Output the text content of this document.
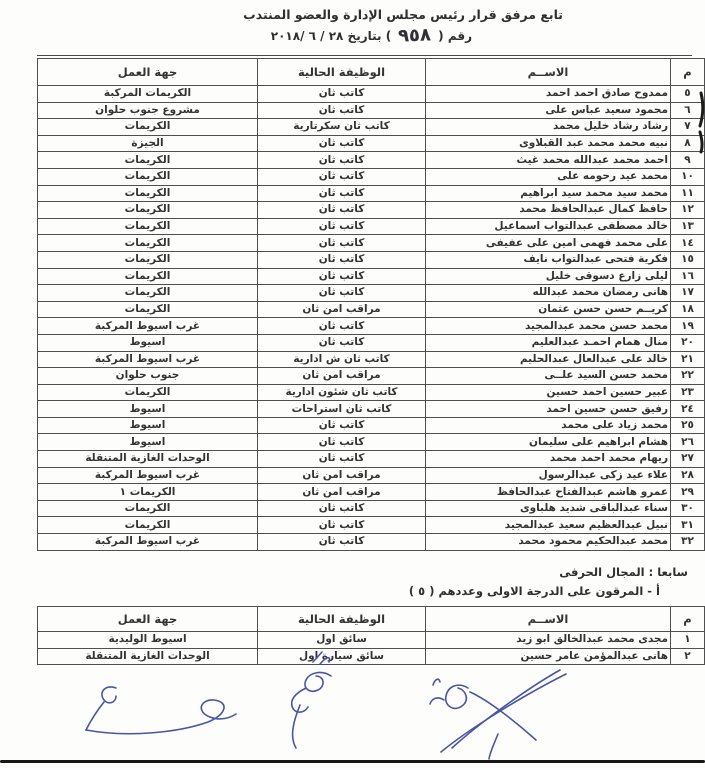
تابع مرفق قرار رئيس مجلس الإدارة والعضو المنتدب
رقم (
٩٥٨
) بتاريخ ٢٨ / ٦ /٢٠١٨
م	الاســم	الوظيفة الحالية	جهة العمل
٥	ممدوح صادق احمد احمد	كاتب ثان	الكريمات المركبة
٦	محمود سعيد عباس على	كاتب ثان	مشروع جنوب حلوان
٧	رشاد رشاد خليل محمد	كاتب ثان سكرتارية	الكريمات
٨	نبيه محمد محمد عبد القبلاوى	كاتب ثان	الجيزة
٩	احمد محمد عبدالله محمد غيث	كاتب ثان	الكريمات
١٠	محمد عيد رحومه على	كاتب ثان	الكريمات
١١	محمد سيد محمد سيد ابراهيم	كاتب ثان	الكريمات
١٢	حافظ كمال عبدالحافظ محمد	كاتب ثان	الكريمات
١٣	خالد مصطفى عبدالتواب اسماعيل	كاتب ثان	الكريمات
١٤	على محمد فهمى امين على عفيفى	كاتب ثان	الكريمات
١٥	فكرية فتحى عبدالتواب نايف	كاتب ثان	الكريمات
١٦	ليلى زارع دسوقى خليل	كاتب ثان	الكريمات
١٧	هانى رمضان محمد عبدالله	كاتب ثان	الكريمات
١٨	كريــم حسن حسن عثمان	مراقب امن ثان	الكريمات
١٩	محمد حسن محمد عبدالمجيد	كاتب ثان	غرب اسيوط المركبة
٢٠	منال همام احمـد عبدالعليم	كاتب ثان	اسيوط
٢١	خالد على عبدالعال عبدالحليم	كاتب ثان ش ادارية	غرب اسيوط المركبة
٢٢	محمد حسن السيد علــى	مراقب امن ثان	جنوب حلوان
٢٣	عبير حسين احمد حسين	كاتب ثان شئون ادارية	الكريمات
٢٤	رفيق حسن حسين احمد	كاتب ثان استراحات	اسيوط
٢٥	محمد زياد على محمد	كاتب ثان	اسيوط
٢٦	هشام ابراهيم على سليمان	كاتب ثان	اسيوط
٢٧	ريهام محمد احمد محمد	كاتب ثان	الوحدات الغازية المتنقلة
٢٨	علاء عيد زكى عبدالرسول	مراقب امن ثان	غرب اسيوط المركبة
٢٩	عمرو هاشم عبدالفتاح عبدالحافظ	مراقب امن ثان	الكريمات ١
٣٠	سناء عبدالباقى شديد هلباوى	كاتب ثان	الكريمات
٣١	نبيل عبدالعظيم سعيد عبدالمجيد	كاتب ثان	الكريمات
٣٢	محمد عبدالحكيم محمود محمد	كاتب ثان	غرب اسيوط المركبة
سابعا : المجال الحرفى
أ - المرقون على الدرجة الاولى وعددهم ( ٥ )
م	الاســم	الوظيفة الحالية	جهة العمل
١	مجدى محمد عبدالخالق ابو زيد	سائق اول	اسيوط الوليدية
٢	هانى عبدالمؤمن عامر حسين	سائق سيارة اول	الوحدات الغازية المتنقلة
